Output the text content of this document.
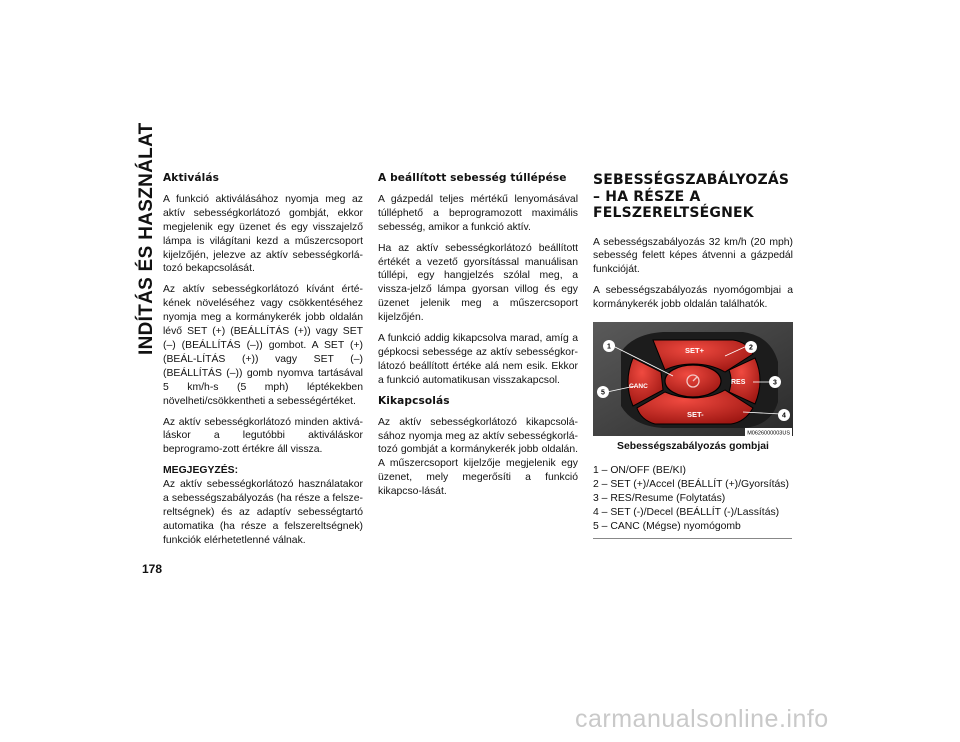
INDÍTÁS ÉS HASZNÁLAT
178
Aktiválás

A funkció aktiválásához nyomja meg az aktív sebességkorlátozó gombját, ekkor megjelenik egy üzenet és egy visszajelző lámpa is világítani kezd a műszercsoport kijelzőjén, jelezve az aktív sebességkorlá-tozó bekapcsolását.

Az aktív sebességkorlátozó kívánt érté-kének növeléséhez vagy csökkentéséhez nyomja meg a kormánykerék jobb oldalán lévő SET (+) (BEÁLLÍTÁS (+)) vagy SET (–) (BEÁLLÍTÁS (–)) gombot. A SET (+) (BEÁL-LÍTÁS (+)) vagy SET (–) (BEÁLLÍTÁS (–)) gomb nyomva tartásával 5 km/h-s (5 mph) léptékekben növelheti/csökkentheti a sebességértéket.

Az aktív sebességkorlátozó minden aktivá-láskor a legutóbbi aktiváláskor beprogramo-zott értékre áll vissza.

MEGJEGYZÉS:

Az aktív sebességkorlátozó használatakor a sebességszabályozás (ha része a felsze-reltségnek) és az adaptív sebességtartó automatika (ha része a felszereltségnek) funkciók elérhetetlenné válnak.

A beállított sebesség túllépése

A gázpedál teljes mértékű lenyomásával túlléphető a beprogramozott maximális sebesség, amikor a funkció aktív.

Ha az aktív sebességkorlátozó beállított értékét a vezető gyorsítással manuálisan túllépi, egy hangjelzés szólal meg, a vissza-jelző lámpa gyorsan villog és egy üzenet jelenik meg a műszercsoport kijelzőjén.

A funkció addig kikapcsolva marad, amíg a gépkocsi sebessége az aktív sebességkor-látozó beállított értéke alá nem esik. Ekkor a funkció automatikusan visszakapcsol.

Kikapcsolás

Az aktív sebességkorlátozó kikapcsolá-sához nyomja meg az aktív sebességkorlá-tozó gombját a kormánykerék jobb oldalán. A műszercsoport kijelzője megjelenik egy üzenet, mely megerősíti a funkció kikapcso-lását.

SEBESSÉGSZABÁLYOZÁS – HA RÉSZE A FELSZERELTSÉGNEK

A sebességszabályozás 32 km/h (20 mph) sebesség felett képes átvenni a gázpedál funkcióját.

A sebességszabályozás nyomógombjai a kormánykerék jobb oldalán találhatók.

SET+
RES
SET-
CANC
1	2
3
4
5
M0626000003US
Sebességszabályozás gombjai
1 – ON/OFF (BE/KI)
2 – SET (+)/Accel (BEÁLLÍT (+)/Gyorsítás)
3 – RES/Resume (Folytatás)
4 – SET (-)/Decel (BEÁLLÍT (-)/Lassítás)
5 – CANC (Mégse) nyomógomb
carmanualsonline.info
